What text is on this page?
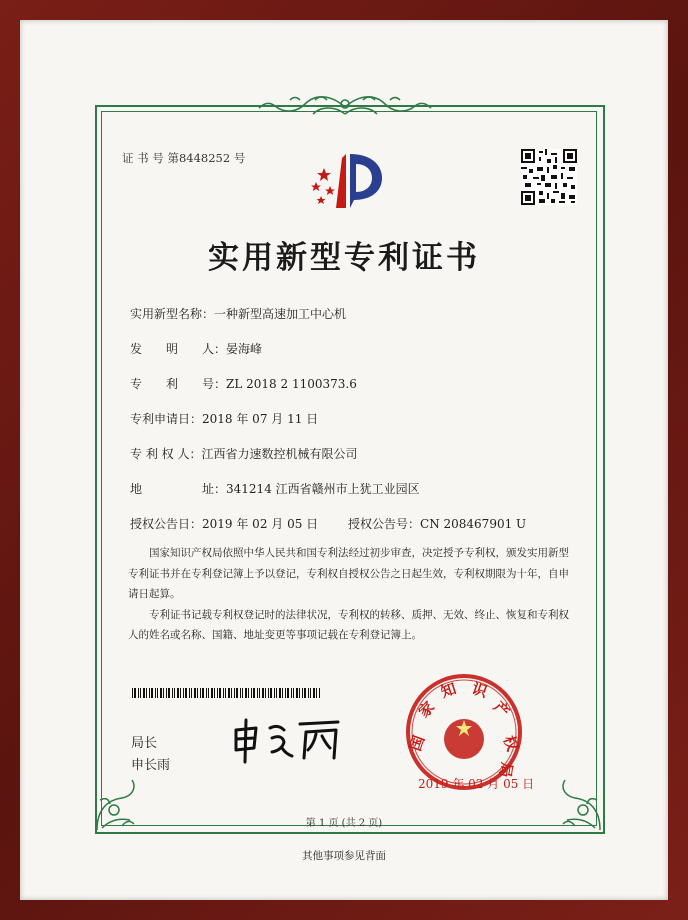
证 书 号 第8448252 号
实用新型专利证书
实用新型名称：一种新型高速加工中心机
发　　明　　人：晏海峰
专　　利　　号：ZL 2018 2 1100373.6
专利申请日：2018 年 07 月 11 日
专 利 权 人：江西省力速数控机械有限公司
地　　　　　址：341214 江西省赣州市上犹工业园区
授权公告日：2019 年 02 月 05 日 授权公告号：CN 208467901 U

国家知识产权局依照中华人民共和国专利法经过初步审查，决定授予专利权，颁发实用新型专利证书并在专利登记簿上予以登记，专利权自授权公告之日起生效，专利权期限为十年，自申请日起算。

专利证书记载专利权登记时的法律状况，专利权的转移、质押、无效、终止、恢复和专利权人的姓名或名称、国籍、地址变更等事项记载在专利登记簿上。

局长
申长雨
国
家
知 识
产
权
局
2019 年 02 月 05 日
第 1 页 (共 2 页)
其他事项参见背面
